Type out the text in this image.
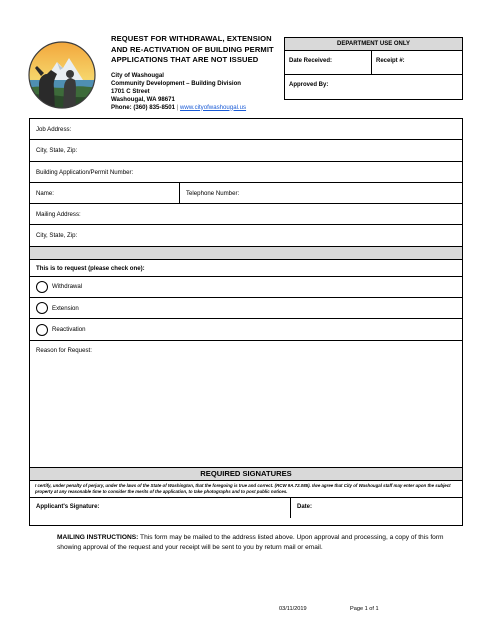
REQUEST FOR WITHDRAWAL, EXTENSION
AND RE-ACTIVATION OF BUILDING PERMIT
APPLICATIONS THAT ARE NOT ISSUED
City of Washougal
Community Development – Building Division
1701 C Street
Washougal, WA 98671
Phone: (360) 835-8501 | www.cityofwashougal.us
DEPARTMENT USE ONLY
Date Received:	Receipt #:
Approved By:
Job Address:
City, State, Zip:
Building Application/Permit Number:
Name:	Telephone Number:
Mailing Address:
City, State, Zip:
This is to request (please check one):
Withdrawal
Extension
Reactivation
Reason for Request:
REQUIRED SIGNATURES
I certify, under penalty of perjury, under the laws of the State of Washington, that the foregoing is true and correct. (RCW 9A.72.085). I/we agree that City of Washougal staff may enter upon the subject property at any reasonable time to consider the merits of the application, to take photographs and to post public notices.
Applicant's Signature:	Date:
MAILING INSTRUCTIONS: This form may be mailed to the address listed above. Upon approval and processing, a copy of this form showing approval of the request and your receipt will be sent to you by return mail or email.
03/11/2019	Page 1 of 1
